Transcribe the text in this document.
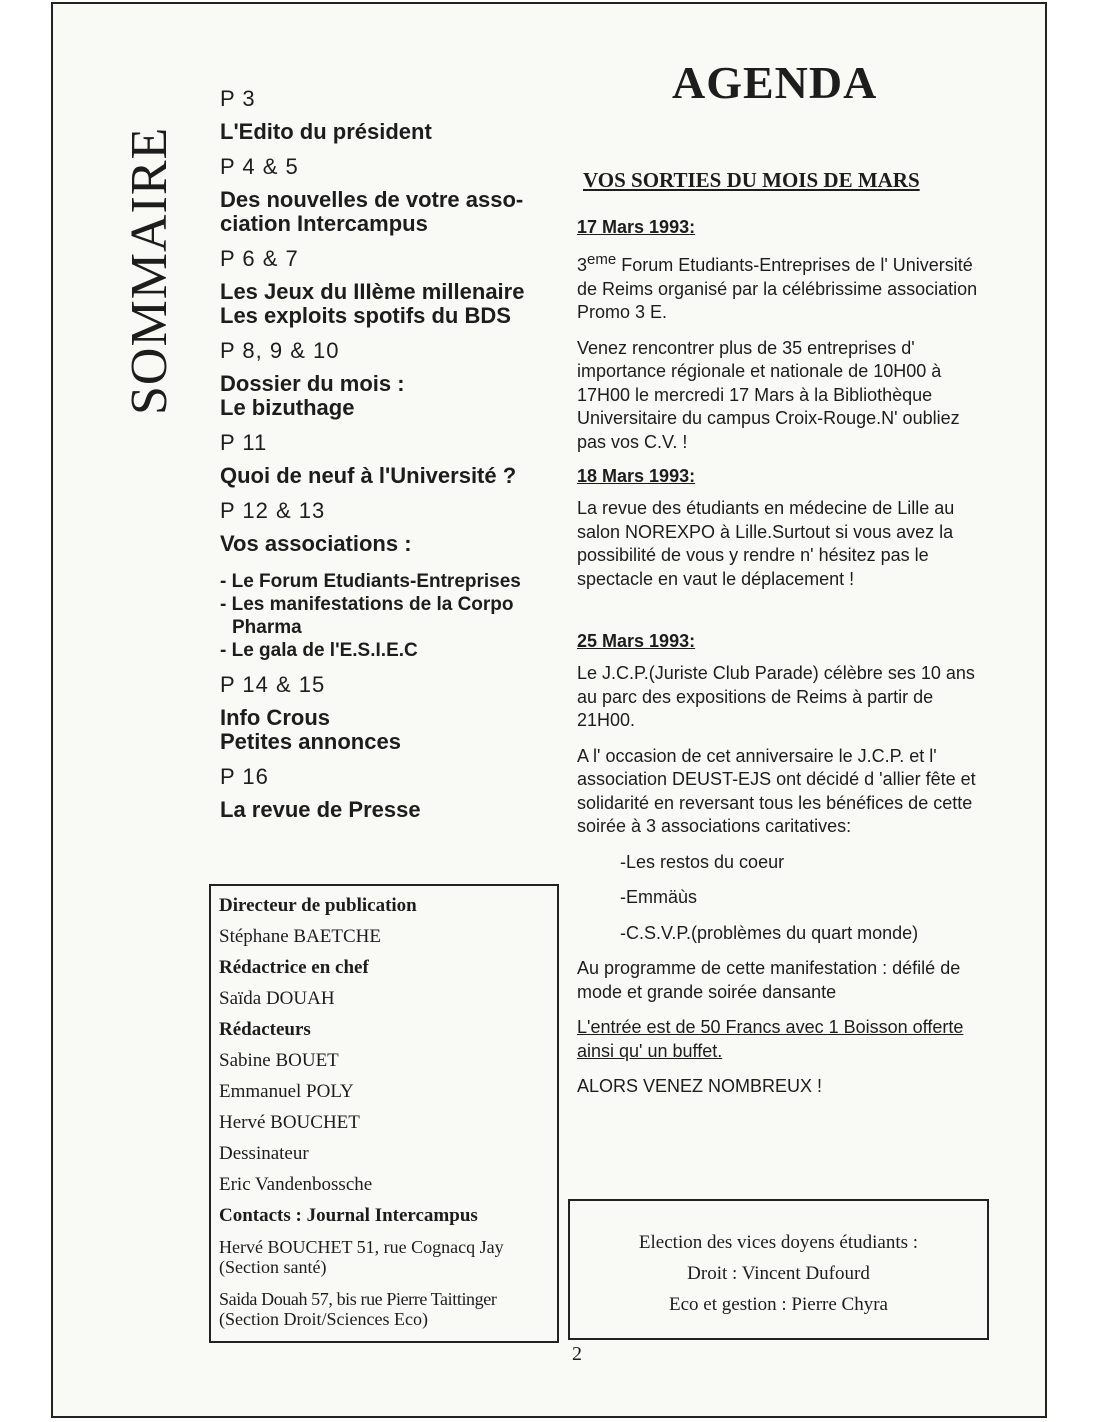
SOMMAIRE
P 3
L'Edito du président
P 4 & 5
Des nouvelles de votre asso-
ciation Intercampus
P 6 & 7
Les Jeux du IIIème millenaire
Les exploits spotifs du BDS
P 8, 9 & 10
Dossier du mois :
Le bizuthage
P 11
Quoi de neuf à l'Université ?
P 12 & 13
Vos associations :
- Le Forum Etudiants-Entreprises
- Les manifestations de la Corpo
Pharma
- Le gala de l'E.S.I.E.C
P 14 & 15
Info Crous
Petites annonces
P 16
La revue de Presse
Directeur de publication
Stéphane BAETCHE
Rédactrice en chef
Saïda DOUAH
Rédacteurs
Sabine BOUET
Emmanuel POLY
Hervé BOUCHET
Dessinateur
Eric Vandenbossche
Contacts : Journal Intercampus
Hervé BOUCHET 51, rue Cognacq Jay
(Section santé)
Saida Douah 57, bis rue Pierre Taittinger
(Section Droit/Sciences Eco)
AGENDA
VOS SORTIES DU MOIS DE MARS
17 Mars 1993:

3eme Forum Etudiants-Entreprises de l' Université de Reims organisé par la célébrissime association Promo 3 E.

Venez rencontrer plus de 35 entreprises d' importance régionale et nationale de 10H00 à 17H00 le mercredi 17 Mars à la Bibliothèque Universitaire du campus Croix-Rouge.N' oubliez pas vos C.V. !

18 Mars 1993:

La revue des étudiants en médecine de Lille au salon NOREXPO à Lille.Surtout si vous avez la possibilité de vous y rendre n' hésitez pas le spectacle en vaut le déplacement !

25 Mars 1993:

Le J.C.P.(Juriste Club Parade) célèbre ses 10 ans au parc des expositions de Reims à partir de 21H00.

A l' occasion de cet anniversaire le J.C.P. et l' association DEUST-EJS ont décidé d 'allier fête et solidarité en reversant tous les bénéfices de cette soirée à 3 associations caritatives:

-Les restos du coeur
-Emmäùs
-C.S.V.P.(problèmes du quart monde)

Au programme de cette manifestation : défilé de mode et grande soirée dansante

L'entrée est de 50 Francs avec 1 Boisson offerte ainsi qu' un buffet.

ALORS VENEZ NOMBREUX !

Election des vices doyens étudiants :
Droit : Vincent Dufourd
Eco et gestion : Pierre Chyra
2
